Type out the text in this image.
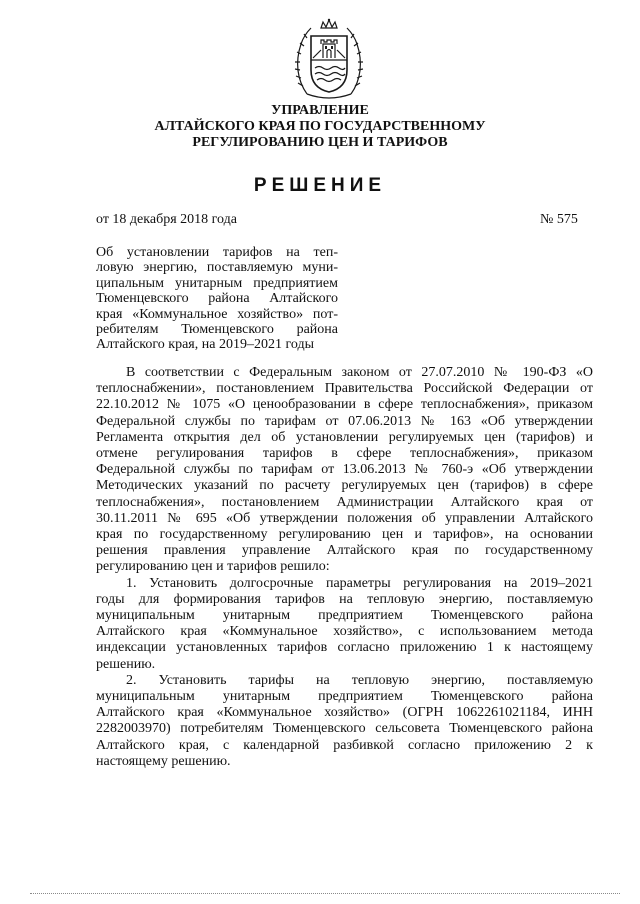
УПРАВЛЕНИЕ
АЛТАЙСКОГО КРАЯ ПО ГОСУДАРСТВЕННОМУ
РЕГУЛИРОВАНИЮ ЦЕН И ТАРИФОВ
РЕШЕНИЕ
от 18 декабря 2018 года	№ 575
Об установлении тарифов на теп-
ловую энергию, поставляемую муни-
ципальным унитарным предприятием
Тюменцевского района Алтайского
края «Коммунальное хозяйство» пот-
ребителям Тюменцевского района
Алтайского края, на 2019–2021 годы
В соответствии с Федеральным законом от 27.07.2010 № 190-ФЗ «О
теплоснабжении», постановлением Правительства Российской Федерации от
22.10.2012 № 1075 «О ценообразовании в сфере теплоснабжения», приказом
Федеральной службы по тарифам от 07.06.2013 № 163 «Об утверждении
Регламента открытия дел об установлении регулируемых цен (тарифов) и
отмене регулирования тарифов в сфере теплоснабжения», приказом
Федеральной службы по тарифам от 13.06.2013 № 760-э «Об утверждении
Методических указаний по расчету регулируемых цен (тарифов) в сфере
теплоснабжения», постановлением Администрации Алтайского края от
30.11.2011 № 695 «Об утверждении положения об управлении Алтайского
края по государственному регулированию цен и тарифов», на основании
решения правления управление Алтайского края по государственному
регулированию цен и тарифов решило:
1. Установить долгосрочные параметры регулирования на 2019–2021
годы для формирования тарифов на тепловую энергию, поставляемую
муниципальным унитарным предприятием Тюменцевского района
Алтайского края «Коммунальное хозяйство», с использованием метода
индексации установленных тарифов согласно приложению 1 к настоящему
решению.
2. Установить тарифы на тепловую энергию, поставляемую
муниципальным унитарным предприятием Тюменцевского района
Алтайского края «Коммунальное хозяйство» (ОГРН 1062261021184, ИНН
2282003970) потребителям Тюменцевского сельсовета Тюменцевского района
Алтайского края, с календарной разбивкой согласно приложению 2 к
настоящему решению.
